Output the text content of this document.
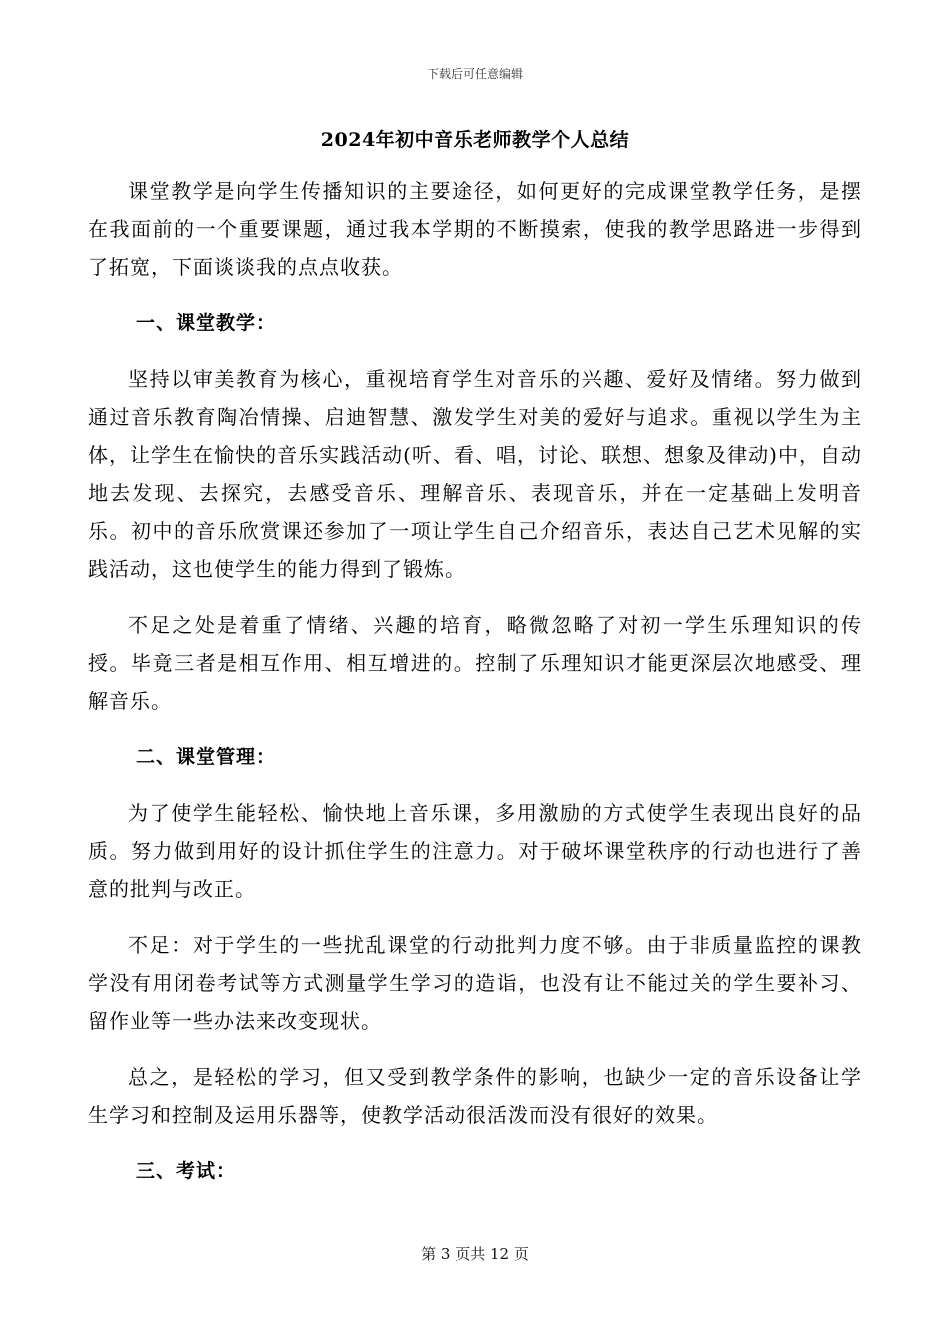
下载后可任意编辑
2024年初中音乐老师教学个人总结

课堂教学是向学生传播知识的主要途径，如何更好的完成课堂教学任务，是摆在我面前的一个重要课题，通过我本学期的不断摸索，使我的教学思路进一步得到了拓宽，下面谈谈我的点点收获。

一、课堂教学：

坚持以审美教育为核心，重视培育学生对音乐的兴趣、爱好及情绪。努力做到通过音乐教育陶冶情操、启迪智慧、激发学生对美的爱好与追求。重视以学生为主体，让学生在愉快的音乐实践活动(听、看、唱，讨论、联想、想象及律动)中，自动地去发现、去探究，去感受音乐、理解音乐、表现音乐，并在一定基础上发明音乐。初中的音乐欣赏课还参加了一项让学生自己介绍音乐，表达自己艺术见解的实践活动，这也使学生的能力得到了锻炼。

不足之处是着重了情绪、兴趣的培育，略微忽略了对初一学生乐理知识的传授。毕竟三者是相互作用、相互增进的。控制了乐理知识才能更深层次地感受、理解音乐。

二、课堂管理：

为了使学生能轻松、愉快地上音乐课，多用激励的方式使学生表现出良好的品质。努力做到用好的设计抓住学生的注意力。对于破坏课堂秩序的行动也进行了善意的批判与改正。

不足：对于学生的一些扰乱课堂的行动批判力度不够。由于非质量监控的课教学没有用闭卷考试等方式测量学生学习的造诣，也没有让不能过关的学生要补习、留作业等一些办法来改变现状。

总之，是轻松的学习，但又受到教学条件的影响，也缺少一定的音乐设备让学生学习和控制及运用乐器等，使教学活动很活泼而没有很好的效果。

三、考试：
第 3 页共 12 页
